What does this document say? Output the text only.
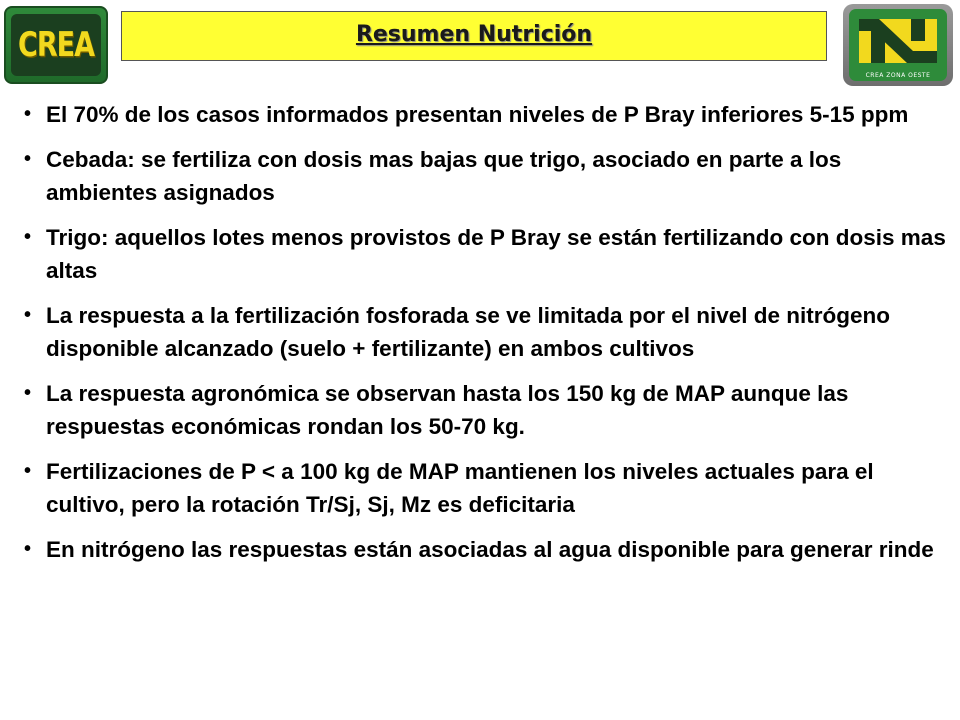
CREA	Resumen Nutrición
CREA ZONA OESTE
• El 70% de los casos informados presentan niveles de P Bray inferiores 5-15 ppm
• Cebada: se fertiliza con dosis mas bajas que trigo, asociado en parte a los ambientes asignados
• Trigo: aquellos lotes menos provistos de P Bray se están fertilizando con dosis mas altas
• La respuesta a la fertilización fosforada se ve limitada por el nivel de nitrógeno disponible alcanzado (suelo + fertilizante) en ambos cultivos
• La respuesta agronómica se observan hasta los 150 kg de MAP aunque las respuestas económicas rondan los 50-70 kg.
• Fertilizaciones de P < a 100 kg de MAP mantienen los niveles actuales para el cultivo, pero la rotación Tr/Sj, Sj, Mz es deficitaria
• En nitrógeno las respuestas están asociadas al agua disponible para generar rinde
